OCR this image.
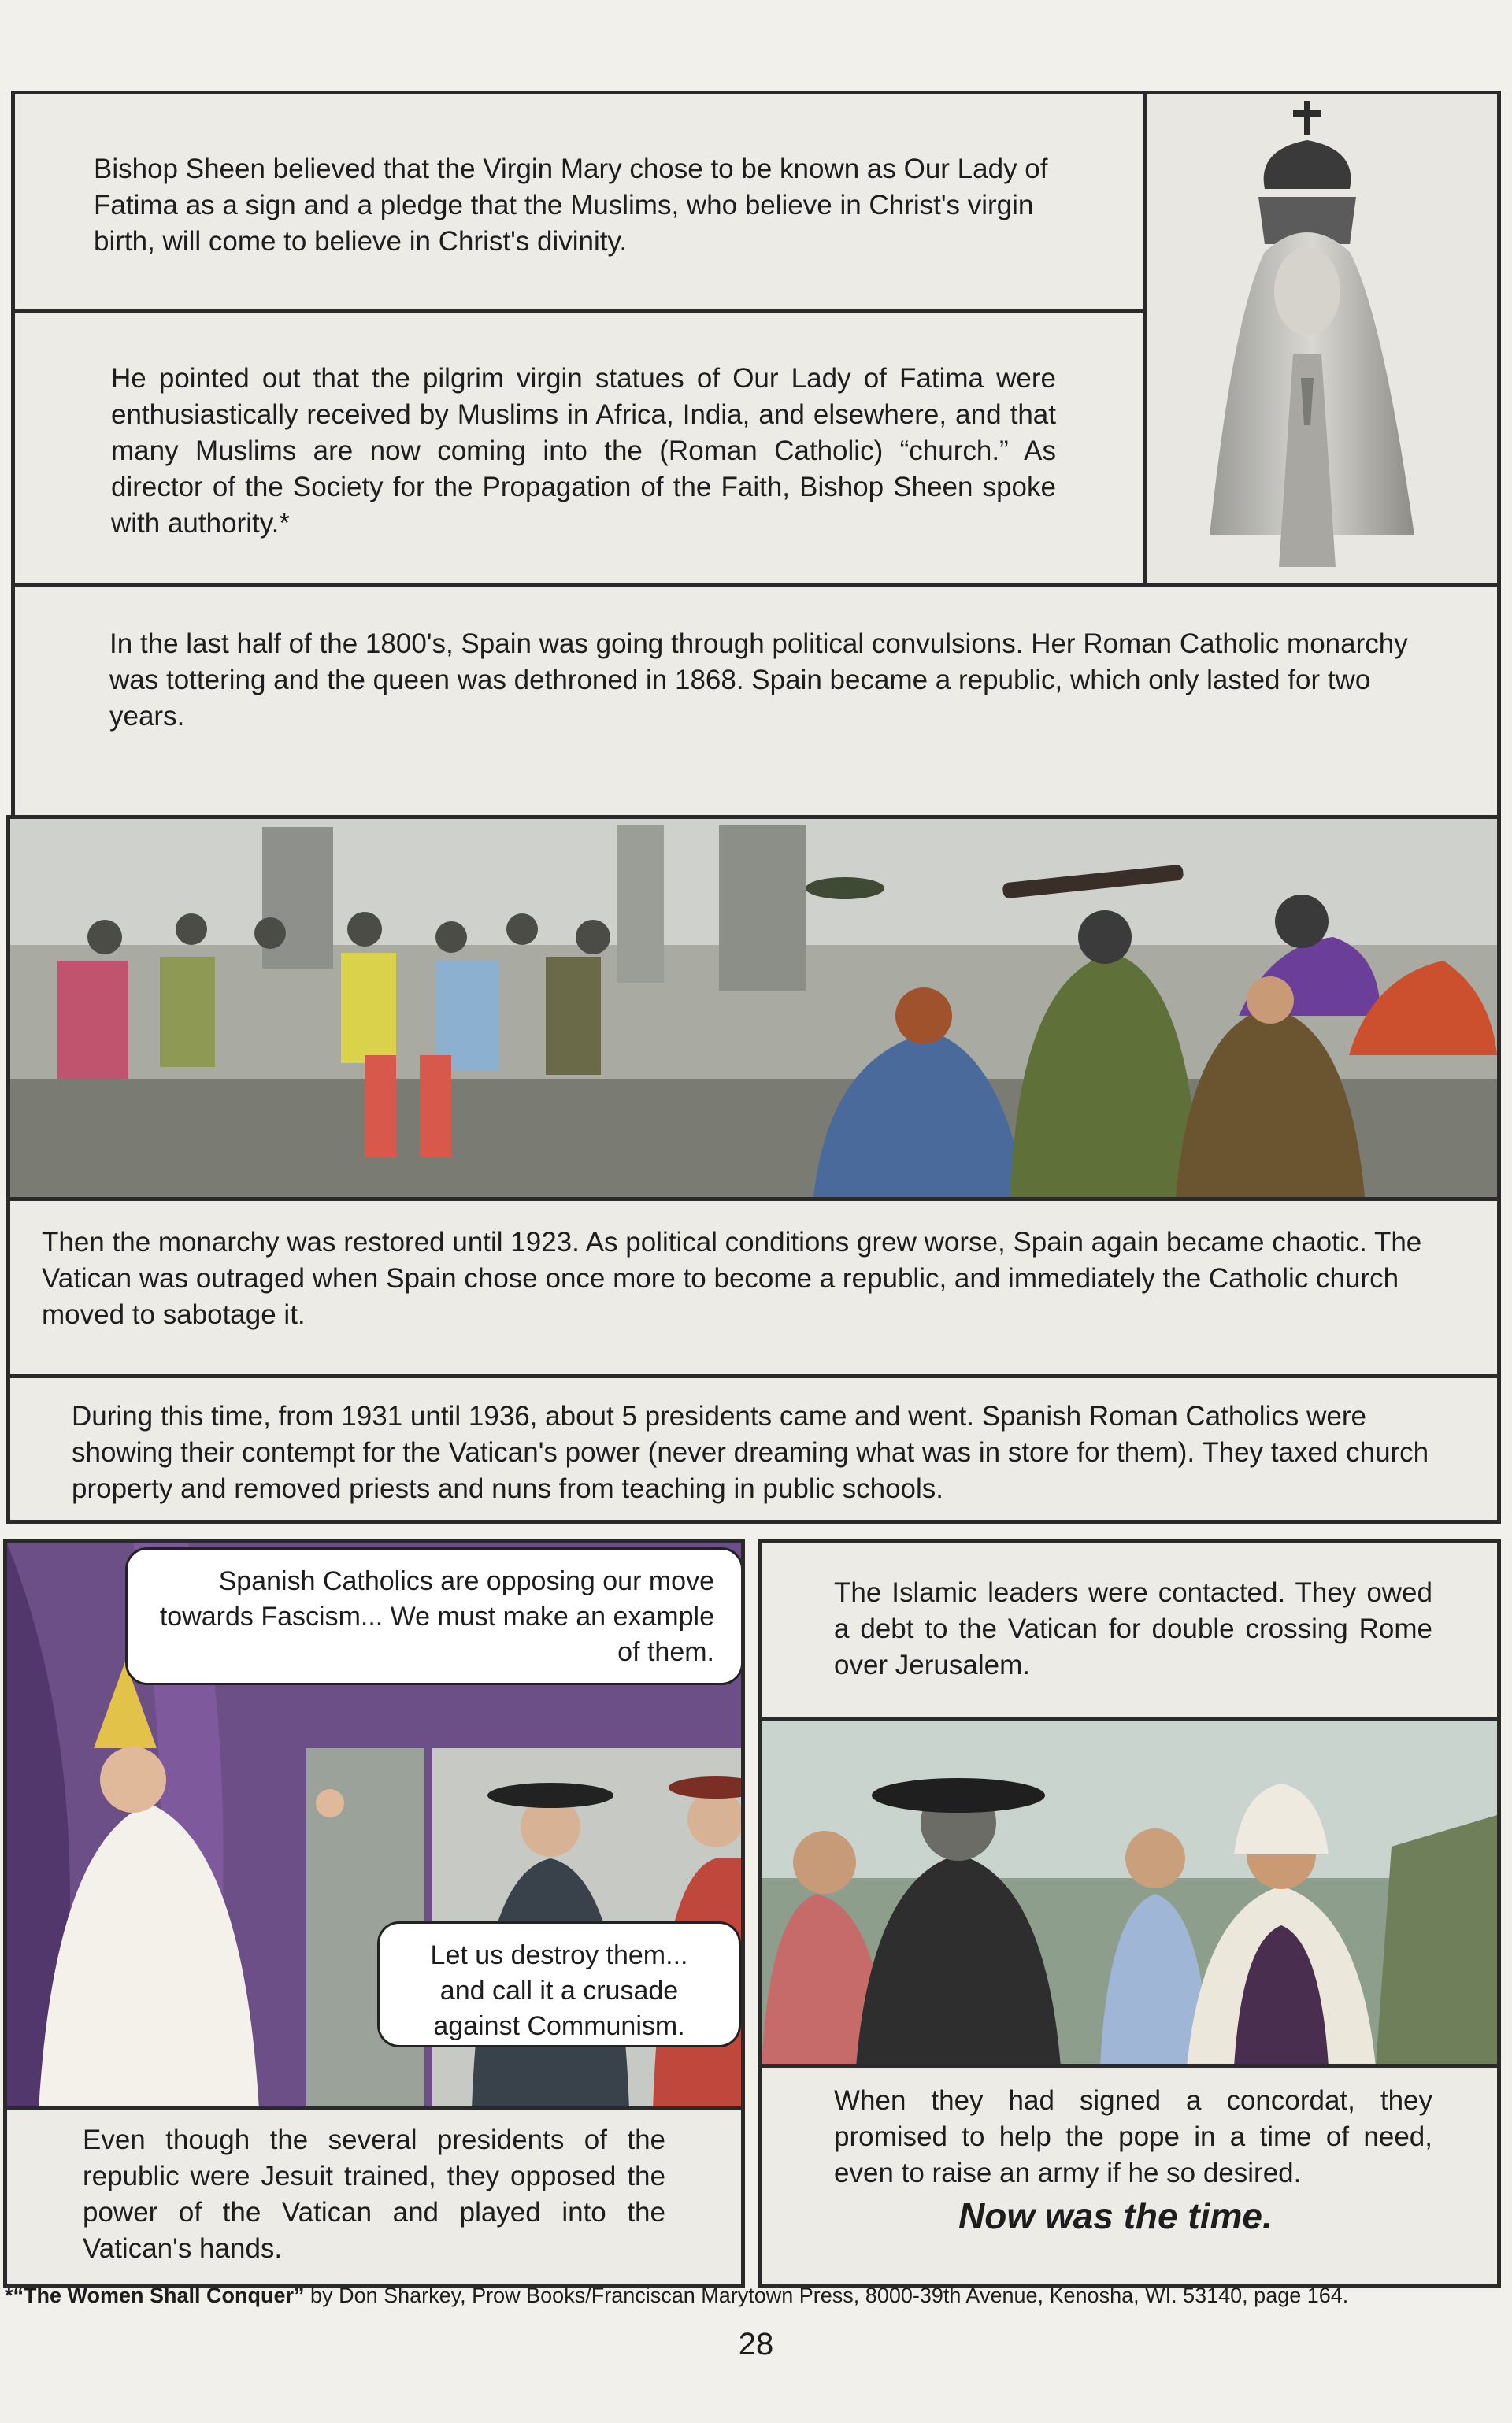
Bishop Sheen believed that the Virgin Mary chose to be known as Our Lady of Fatima as a sign and a pledge that the Muslims, who believe in Christ's virgin birth, will come to believe in Christ's divinity.
He pointed out that the pilgrim virgin statues of Our Lady of Fatima were enthusiastically received by Muslims in Africa, India, and elsewhere, and that many Muslims are now coming into the (Roman Catholic) “church.” As director of the Society for the Propagation of the Faith, Bishop Sheen spoke with authority.*
In the last half of the 1800's, Spain was going through political convulsions. Her Roman Catholic monarchy was tottering and the queen was dethroned in 1868. Spain became a republic, which only lasted for two years.
Then the monarchy was restored until 1923. As political conditions grew worse, Spain again became chaotic. The Vatican was outraged when Spain chose once more to become a republic, and immediately the Catholic church moved to sabotage it.
During this time, from 1931 until 1936, about 5 presidents came and went. Spanish Roman Catholics were showing their contempt for the Vatican's power (never dreaming what was in store for them). They taxed church property and removed priests and nuns from teaching in public schools.
Spanish Catholics are opposing our move towards Fascism... We must make an example of them.
Let us destroy them... and call it a crusade against Communism.
Even though the several presidents of the republic were Jesuit trained, they opposed the power of the Vatican and played into the Vatican's hands.
The Islamic leaders were contacted. They owed a debt to the Vatican for double crossing Rome over Jerusalem.
When they had signed a concordat, they promised to help the pope in a time of need, even to raise an army if he so desired.
Now was the time.
*“The Women Shall Conquer” by Don Sharkey, Prow Books/Franciscan Marytown Press, 8000-39th Avenue, Kenosha, WI. 53140, page 164.
28
